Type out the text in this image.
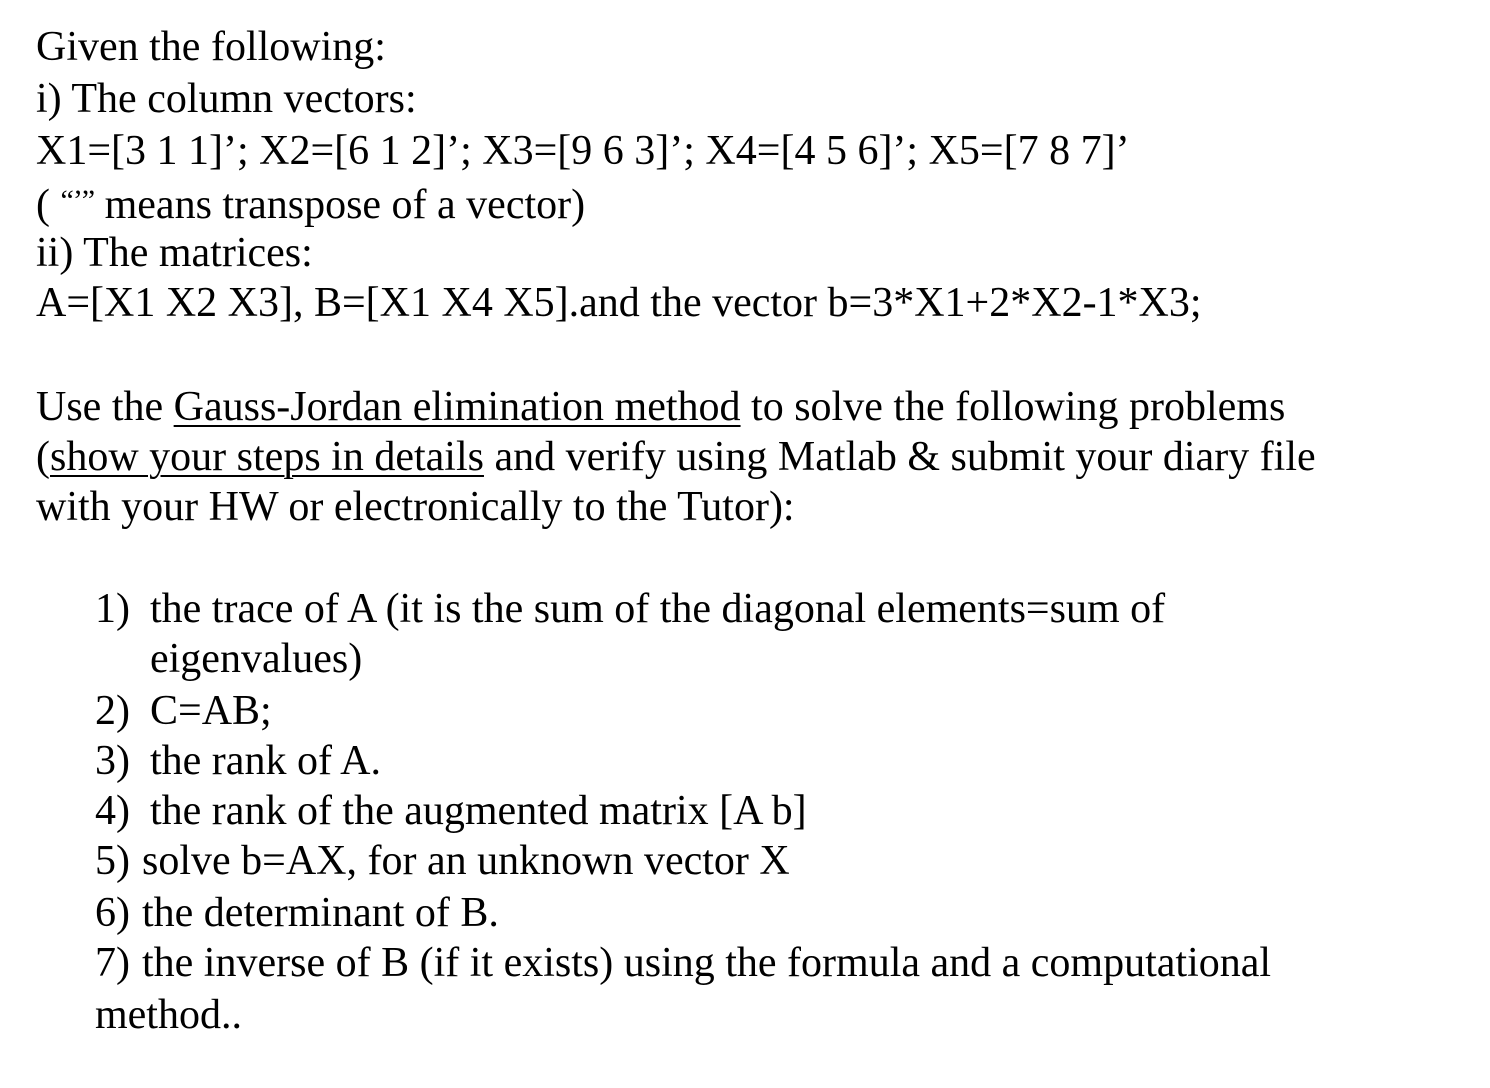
Given the following:
i) The column vectors:
X1=[3 1 1]’; X2=[6 1 2]’; X3=[9 6 3]’; X4=[4 5 6]’; X5=[7 8 7]’
( “’” means transpose of a vector)
ii) The matrices:
A=[X1 X2 X3], B=[X1 X4 X5].and the vector b=3*X1+2*X2-1*X3;
Use the Gauss-Jordan elimination method to solve the following problems
(show your steps in details and verify using Matlab & submit your diary file
with your HW or electronically to the Tutor):
1) the trace of A (it is the sum of the diagonal elements=sum of
eigenvalues)
2) C=AB;
3) the rank of A.
4) the rank of the augmented matrix [A b]
5) solve b=AX, for an unknown vector X
6) the determinant of B.
7) the inverse of B (if it exists) using the formula and a computational
method..
